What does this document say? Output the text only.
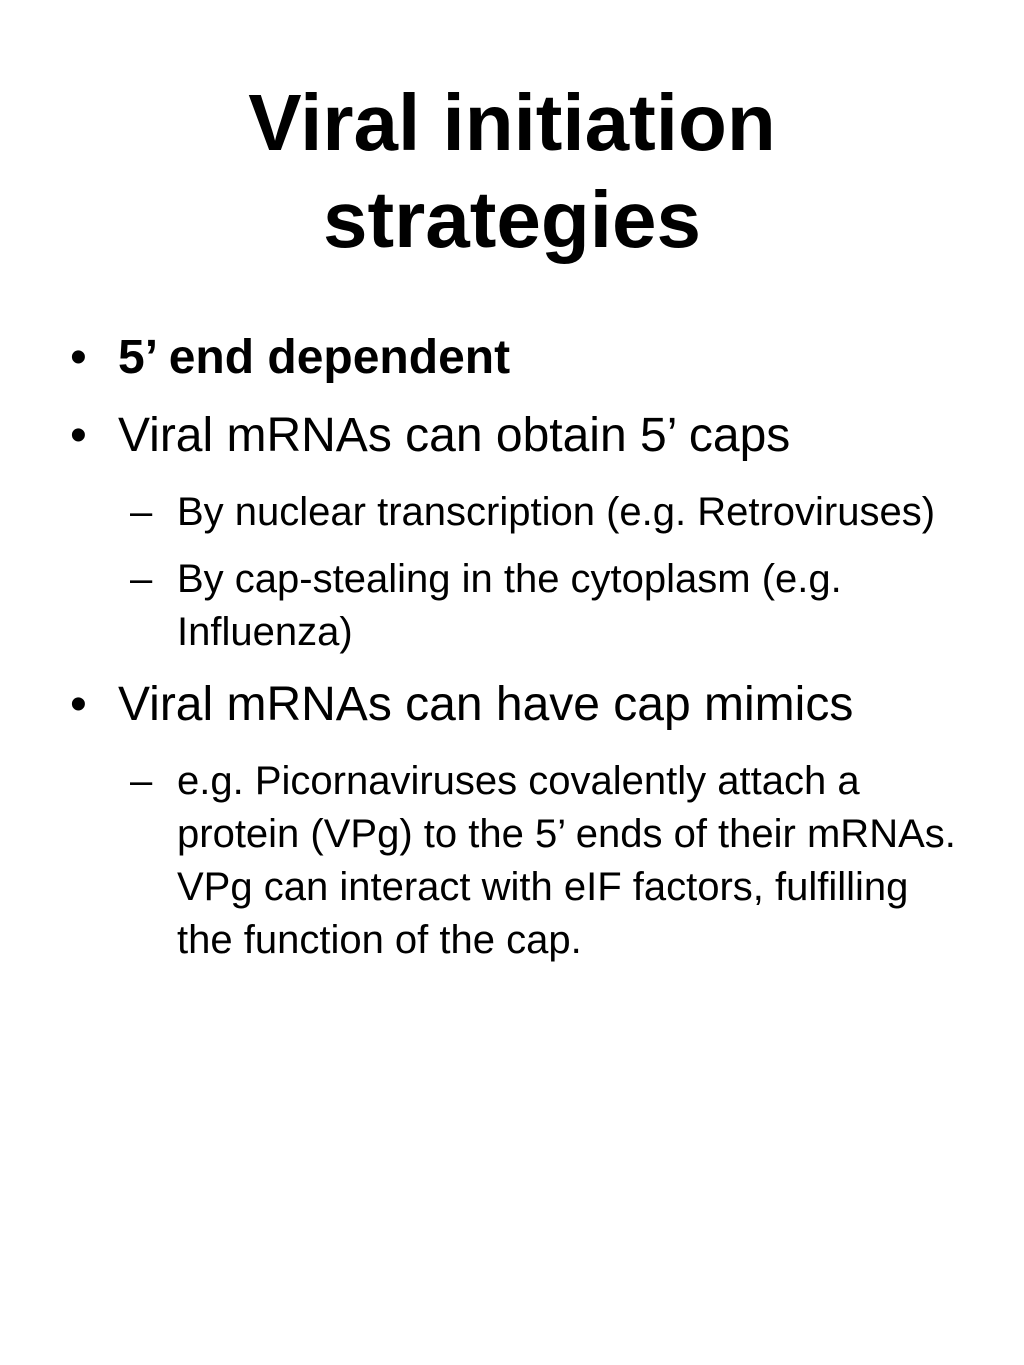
Viral initiation
strategies
• 5’ end dependent
• Viral mRNAs can obtain 5’ caps
– By nuclear transcription (e.g. Retroviruses)
– By cap-stealing in the cytoplasm (e.g. Influenza)
• Viral mRNAs can have cap mimics
– e.g. Picornaviruses covalently attach a protein (VPg) to the 5’ ends of their mRNAs.  VPg can interact with eIF factors, fulfilling the function of the cap.
